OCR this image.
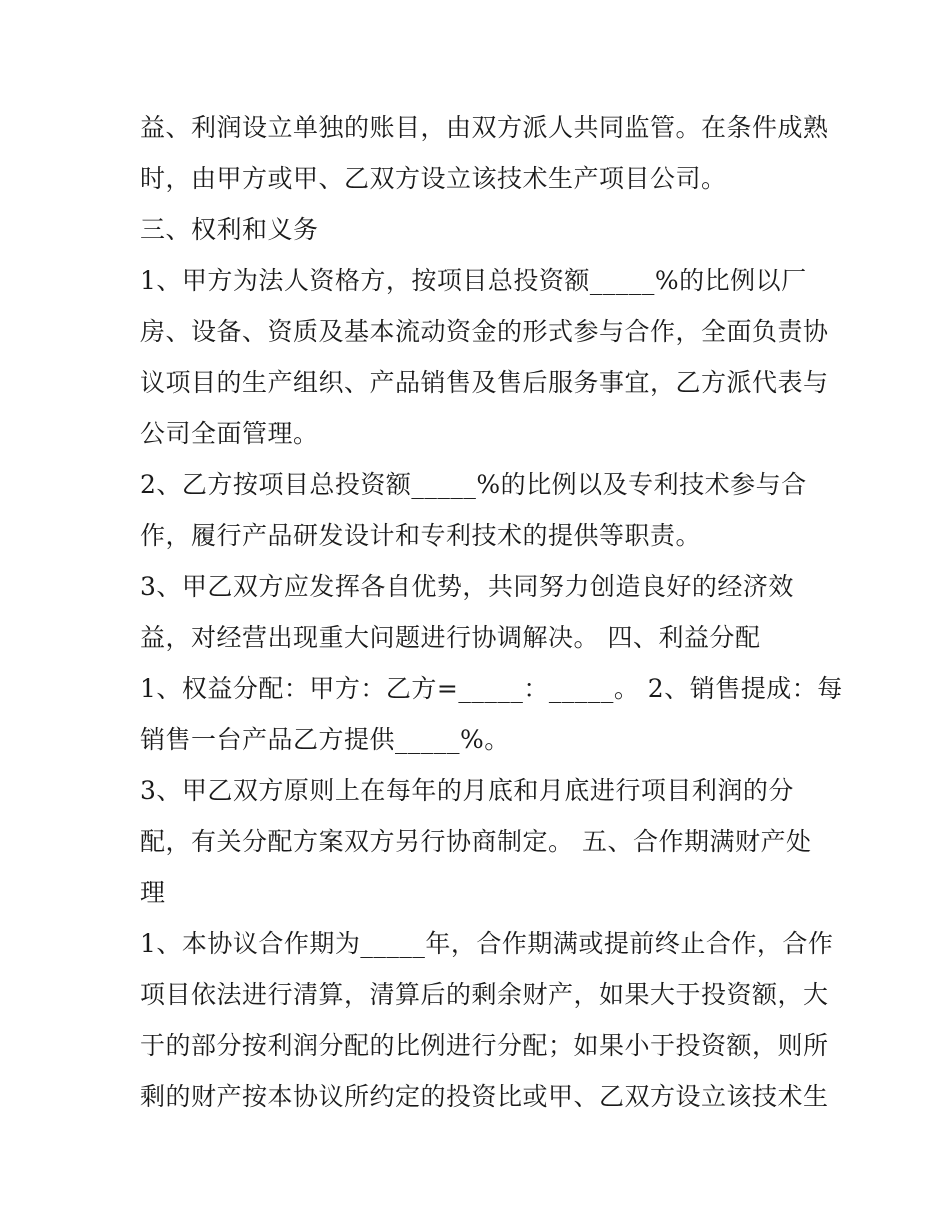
益、利润设立单独的账目，由双方派人共同监管。在条件成熟
时，由甲方或甲、乙双方设立该技术生产项目公司。
三、权利和义务
1、甲方为法人资格方，按项目总投资额_____%的比例以厂
房、设备、资质及基本流动资金的形式参与合作，全面负责协
议项目的生产组织、产品销售及售后服务事宜，乙方派代表与
公司全面管理。
2、乙方按项目总投资额_____%的比例以及专利技术参与合
作，履行产品研发设计和专利技术的提供等职责。
3、甲乙双方应发挥各自优势，共同努力创造良好的经济效
益，对经营出现重大问题进行协调解决。 四、利益分配
1、权益分配：甲方：乙方=_____：_____。 2、销售提成：每
销售一台产品乙方提供_____%。
3、甲乙双方原则上在每年的月底和月底进行项目利润的分
配，有关分配方案双方另行协商制定。 五、合作期满财产处
理
1、本协议合作期为_____年，合作期满或提前终止合作，合作
项目依法进行清算，清算后的剩余财产，如果大于投资额，大
于的部分按利润分配的比例进行分配；如果小于投资额，则所
剩的财产按本协议所约定的投资比或甲、乙双方设立该技术生
